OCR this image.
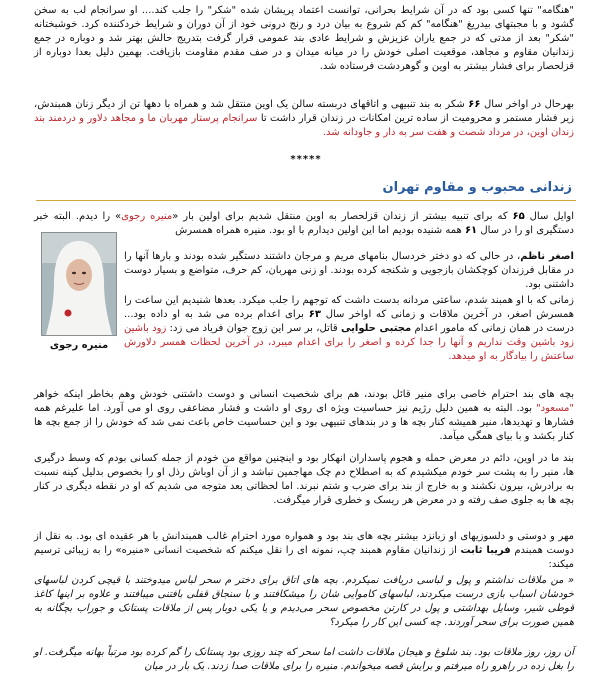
"هنگامه" تنها کسی بود که در آن شرایط بحرانی، توانست اعتماد پریشان شده "شکر" را جلب کند.... او سرانجام لب به سخن گشود و با مجبتهای بیدریغ "هنگامه" کم کم شروع به بیان درد و رنج درونی خود از آن دوران و شرایط خردکننده کرد. خوشبختانه "شکر" بعد از مدتی که در جمع یاران عزیزش و شرایط عادی بند عمومی قرار گرفت بتدریج حالش بهتر شد و دوباره در جمع زندانیان مقاوم و مجاهد، موقعیت اصلی خودش را در میانه میدان و در صف مقدم مقاومت بازیافت. بهمین دلیل بعدا دوباره از قزلحصار برای فشار بیشتر به اوین و گوهردشت فرستاده شد.

بهرحال در اواخر سال ۶۶ شکر به بند تنبیهی و اتاقهای دربسته سالن یک اوین منتقل شد و همراه با دهها تن از دیگر زنان همبندش، زیر فشار مستمر و محرومیت از ساده ترین امکانات در زندان قرار داشت تا سرانجام پرستار مهربان ما و مجاهد دلاور و دردمند بند زندان اوین، در مرداد شصت و هفت سر به دار و جاودانه شد.

*****
زندانی محبوب و مقاوم تهران

اوایل سال ۶۵ که برای تنبیه بیشتر از زندان قزلحصار به اوین منتقل شدیم برای اولین بار «منیره رجوی» را دیدم. البته خبر دستگیری او را در سال ۶۱ همه شنیده بودیم اما این اولین دیدارم با او بود. منیره همراه همسرش

اصغر ناظم، در حالی که دو دختر خردسال بنامهای مریم و مرجان داشتند دستگیر شده بودند و بارها آنها را در مقابل فرزندان کوچکشان بازجویی و شکنجه کرده بودند. او زنی مهربان، کم حرف، متواضع و بسیار دوست داشتنی بود.

منیره رجوی

زمانی که با او همبند شدم، ساعتی مردانه بدست داشت که توجهم را جلب میکرد. بعدها شنیدیم این ساعت را همسرش اصغر، در آخرین ملاقات و زمانی که اواخر سال ۶۳ برای اعدام برده می شد به او داده بود... درست در همان زمانی که مامور اعدام مجتبی حلوایی قاتل، بر سر این زوج جوان فریاد می زد: زود باشین زود باشین وقت نداریم و آنها را جدا کرده و اصغر را برای اعدام میبرد، در آخرین لحظات همسر دلاورش ساعتش را بیادگار به او میدهد.

بچه های بند احترام خاصی برای منیر قائل بودند، هم برای شخصیت انسانی و دوست داشتنی خودش وهم بخاطر اینکه خواهر "مسعود" بود. البته به همین دلیل رژیم نیز حساسیت ویژه ای روی او داشت و فشار مضاعفی روی او می آورد. اما علیرغم همه فشارها و تهدیدها، منیر همیشه کنار بچه ها و در بندهای تنبیهی بود و این حساسیت خاص باعث نمی شد که خودش را از جمع بچه ها کنار بکشد و با بیای همگی میآمد.

بند ما در اوین، دائم در معرض حمله و هجوم پاسداران انهکار بود و اینچنین مواقع من خودم از جمله کسانی بودم که وسط درگیری ها، منیر را به پشت سر خودم میکشیدم که به اصطلاح دم چک مهاجمین نباشد و از آن اوباش رذل او را بخصوص بدلیل کینه نسبت به برادرش، بیرون نکشند و به خارج از بند برای ضرب و شتم نبرند. اما لحظاتی بعد متوجه می شدیم که او در نقطه دیگری در کنار بچه ها به جلوی صف رفته و در معرض هر ریسک و خطری قرار میگرفت.

مهر و دوستی و دلسوزیهای او زبانزد بیشتر بچه های بند بود و همواره مورد احترام غالب همبندانش با هر عقیده ای بود. به نقل از دوست همبندم فریبا ثابت از زندانیان مقاوم همبند چپ، نمونه ای را نقل میکنم که شخصیت انسانی «منیره» را به زیبائی ترسیم میکند:

« من ملاقات نداشتم و پول و لباسی دریافت نمیکردم. بچه های اتاق برای دختر م سحر لباس میدوختند با قیچی کردن لباسهای خودشان اسباب بازی درست میکردند، لباسهای کاموایی شان را میشکافتند و با سنجاق قفلی بافتنی میبافتند و علاوه بر اینها کاغذ قوطی شیر، وسایل بهداشتی و پول در کارتن مخصوص سحر می‌دیدم و یا یکی دوبار پس از ملاقات پستانک و جوراب بچگانه به همین صورت برای سحر آوردند. چه کسی این کار را میکرد؟

آن روز، روز ملاقات بود. بند شلوغ و هیجان ملاقات داشت اما سحر که چند روزی بود پستانک را گم کرده بود مرتباً بهانه میگرفت. او را بغل زده در راهرو راه میرفتم و برایش قصه میخواندم. منیره را برای ملاقات صدا زدند. یک بار در میان
